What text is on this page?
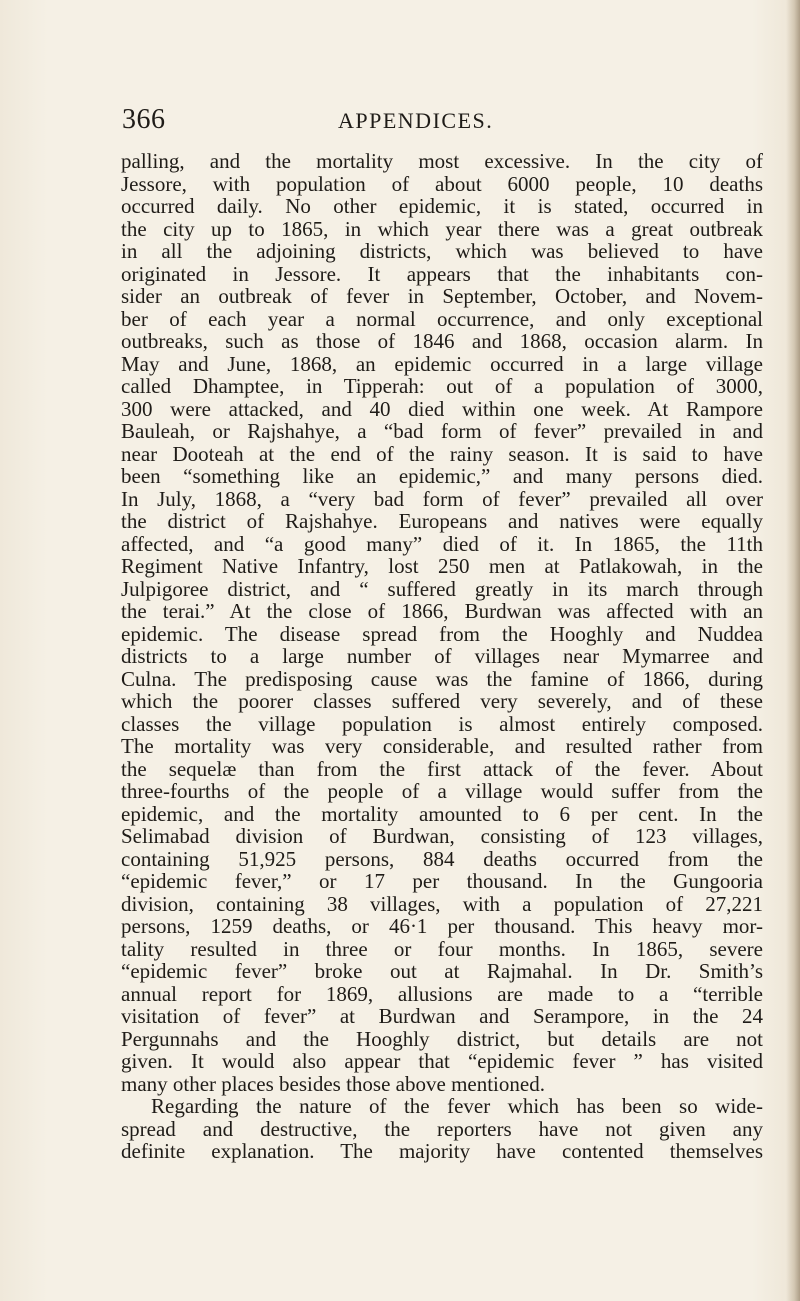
366	APPENDICES.
palling, and the mortality most excessive. In the city of
Jessore, with population of about 6000 people, 10 deaths
occurred daily. No other epidemic, it is stated, occurred in
the city up to 1865, in which year there was a great outbreak
in all the adjoining districts, which was believed to have
originated in Jessore. It appears that the inhabitants con-
sider an outbreak of fever in September, October, and Novem-
ber of each year a normal occurrence, and only exceptional
outbreaks, such as those of 1846 and 1868, occasion alarm. In
May and June, 1868, an epidemic occurred in a large village
called Dhamptee, in Tipperah: out of a population of 3000,
300 were attacked, and 40 died within one week. At Rampore
Bauleah, or Rajshahye, a “bad form of fever” prevailed in and
near Dooteah at the end of the rainy season. It is said to have
been “something like an epidemic,” and many persons died.
In July, 1868, a “very bad form of fever” prevailed all over
the district of Rajshahye. Europeans and natives were equally
affected, and “a good many” died of it. In 1865, the 11th
Regiment Native Infantry, lost 250 men at Patlakowah, in the
Julpigoree district, and “ suffered greatly in its march through
the terai.” At the close of 1866, Burdwan was affected with an
epidemic. The disease spread from the Hooghly and Nuddea
districts to a large number of villages near Mymarree and
Culna. The predisposing cause was the famine of 1866, during
which the poorer classes suffered very severely, and of these
classes the village population is almost entirely composed.
The mortality was very considerable, and resulted rather from
the sequelæ than from the first attack of the fever. About
three-fourths of the people of a village would suffer from the
epidemic, and the mortality amounted to 6 per cent. In the
Selimabad division of Burdwan, consisting of 123 villages,
containing 51,925 persons, 884 deaths occurred from the
“epidemic fever,” or 17 per thousand. In the Gungooria
division, containing 38 villages, with a population of 27,221
persons, 1259 deaths, or 46·1 per thousand. This heavy mor-
tality resulted in three or four months. In 1865, severe
“epidemic fever” broke out at Rajmahal. In Dr. Smith’s
annual report for 1869, allusions are made to a “terrible
visitation of fever” at Burdwan and Serampore, in the 24
Pergunnahs and the Hooghly district, but details are not
given. It would also appear that “epidemic fever ” has visited
many other places besides those above mentioned.
Regarding the nature of the fever which has been so wide-
spread and destructive, the reporters have not given any
definite explanation. The majority have contented themselves
